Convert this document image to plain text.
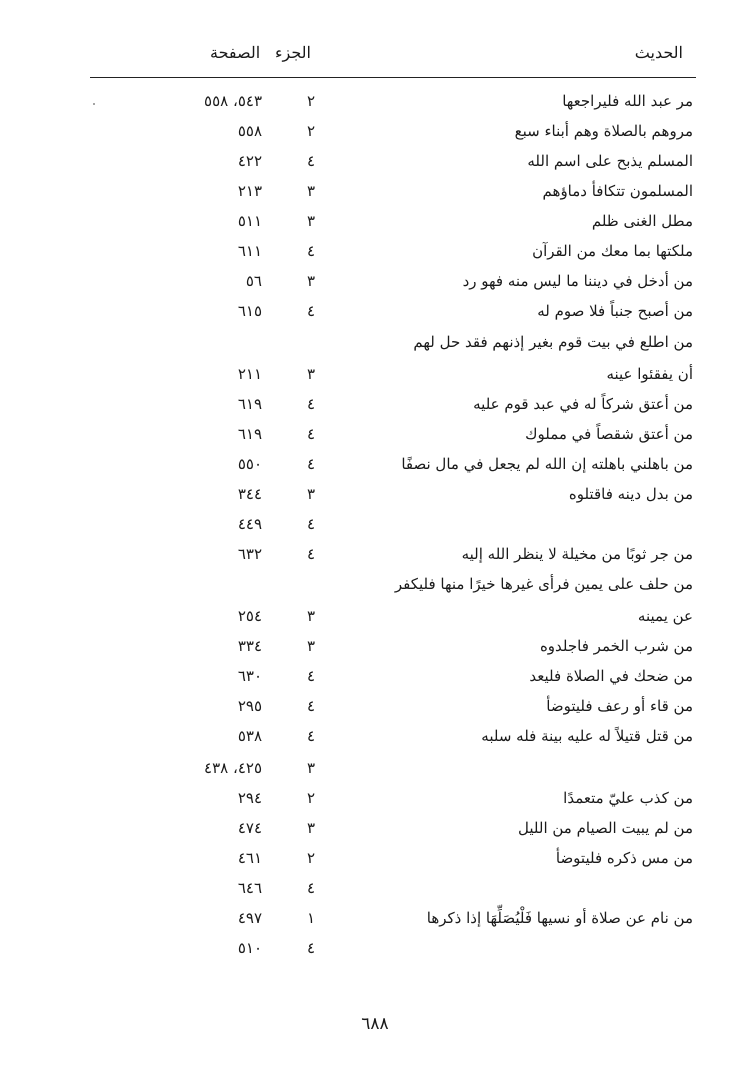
الحديث
الجزء
الصفحة
مر عبد الله فليراجعها
٢
٥٤٣، ٥٥٨
مروهم بالصلاة وهم أبناء سبع
٢
٥٥٨
المسلم يذبح على اسم الله
٤
٤٢٢
المسلمون تتكافأ دماؤهم
٣
٢١٣
مطل الغنى ظلم
٣
٥١١
ملكتها بما معك من القرآن
٤
٦١١
من أدخل في ديننا ما ليس منه فهو رد
٣
٥٦
من أصبح جنباً فلا صوم له
٤
٦١٥
من اطلع في بيت قوم بغير إذنهم فقد حل لهم
أن يفقئوا عينه
٣
٢١١
من أعتق شركاً له في عبد قوم عليه
٤
٦١٩
من أعتق شقصاً في مملوك
٤
٦١٩
من باهلني باهلته إن الله لم يجعل في مال نصفًا
٤
٥٥٠
من بدل دينه فاقتلوه
٣
٣٤٤
٤
٤٤٩
من جر ثوبًا من مخيلة لا ينظر الله إليه
٤
٦٣٢
من حلف على يمين فرأى غيرها خيرًا منها فليكفر
عن يمينه
٣
٢٥٤
من شرب الخمر فاجلدوه
٣
٣٣٤
من ضحك في الصلاة فليعد
٤
٦٣٠
من قاء أو رعف فليتوضأ
٤
٢٩٥
من قتل قتيلاً له عليه بينة فله سلبه
٤
٥٣٨
٣
٤٢٥، ٤٣٨
من كذب عليّ متعمدًا
٢
٢٩٤
من لم يبيت الصيام من الليل
٣
٤٧٤
من مس ذكره فليتوضأ
٢
٤٦١
٤
٦٤٦
من نام عن صلاة أو نسيها فَلْيُصَلِّهَا إذا ذكرها
١
٤٩٧
٤
٥١٠
٦٨٨
